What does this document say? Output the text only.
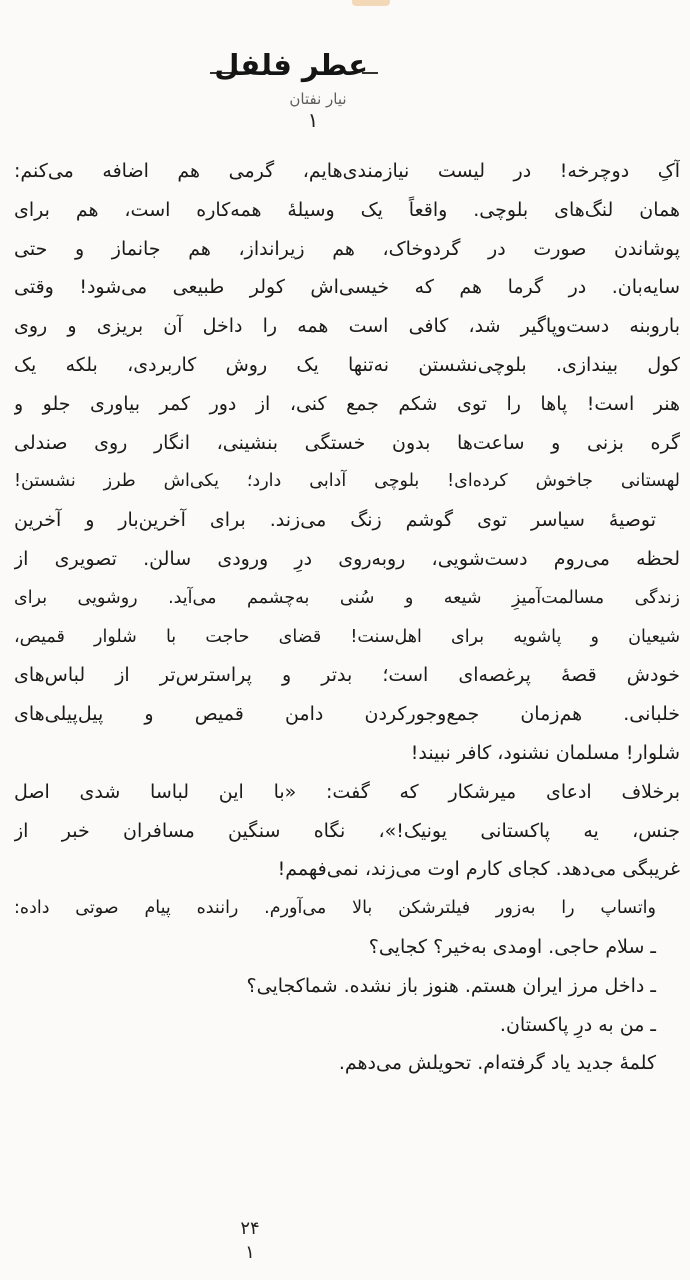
عطر فلفل
نیار نفتان
۱
آکِ دوچرخه! در لیست نیازمندی‌هایم، گرمی هم اضافه می‌کنم:
همان لنگ‌های بلوچی. واقعاً یک وسیلهٔ همه‌کاره است، هم برای
پوشاندن صورت در گردوخاک، هم زیرانداز، هم جانماز و حتی
سایه‌بان. در گرما هم که خیسی‌اش کولر طبیعی می‌شود! وقتی
باروبنه دست‌وپاگیر شد، کافی است همه را داخل آن بریزی و روی
کول بیندازی. بلوچی‌نشستن نه‌تنها یک روش کاربردی، بلکه یک
هنر است! پاها را توی شکم جمع کنی، از دور کمر بیاوری جلو و
گره بزنی و ساعت‌ها بدون خستگی بنشینی، انگار روی صندلی
لهستانی جاخوش کرده‌ای! بلوچی آدابی دارد؛ یکی‌اش طرز نشستن!
توصیهٔ سیاسر توی گوشم زنگ می‌زند. برای آخرین‌بار و آخرین
لحظه می‌روم دست‌شویی، روبه‌روی درِ ورودی سالن. تصویری از
زندگی مسالمت‌آمیزِ شیعه و سُنی به‌چشمم می‌آید. روشویی برای
شیعیان و پاشویه برای اهل‌سنت! قضای حاجت با شلوار قمیص،
خودش قصهٔ پرغصه‌ای است؛ بدتر و پراسترس‌تر از لباس‌های
خلبانی. هم‌زمان جمع‌وجورکردن دامن قمیص و پیل‌پیلی‌های
شلوار! مسلمان نشنود، کافر نبیند!
برخلاف ادعای میرشکار که گفت: «با این لباسا شدی اصل
جنس، یه پاکستانی یونیک!»، نگاه سنگین مسافران خبر از
غریبگی می‌دهد. کجای کارم اوت می‌زند، نمی‌فهمم!
واتساپ را به‌زور فیلترشکن بالا می‌آورم. راننده پیام صوتی داده:
ـ سلام حاجی. اومدی به‌خیر؟ کجایی؟
ـ داخل مرز ایران هستم. هنوز باز نشده. شماکجایی؟
ـ من به درِ پاکستان.
کلمهٔ جدید یاد گرفته‌ام. تحویلش می‌دهم.
۲۴
۱
